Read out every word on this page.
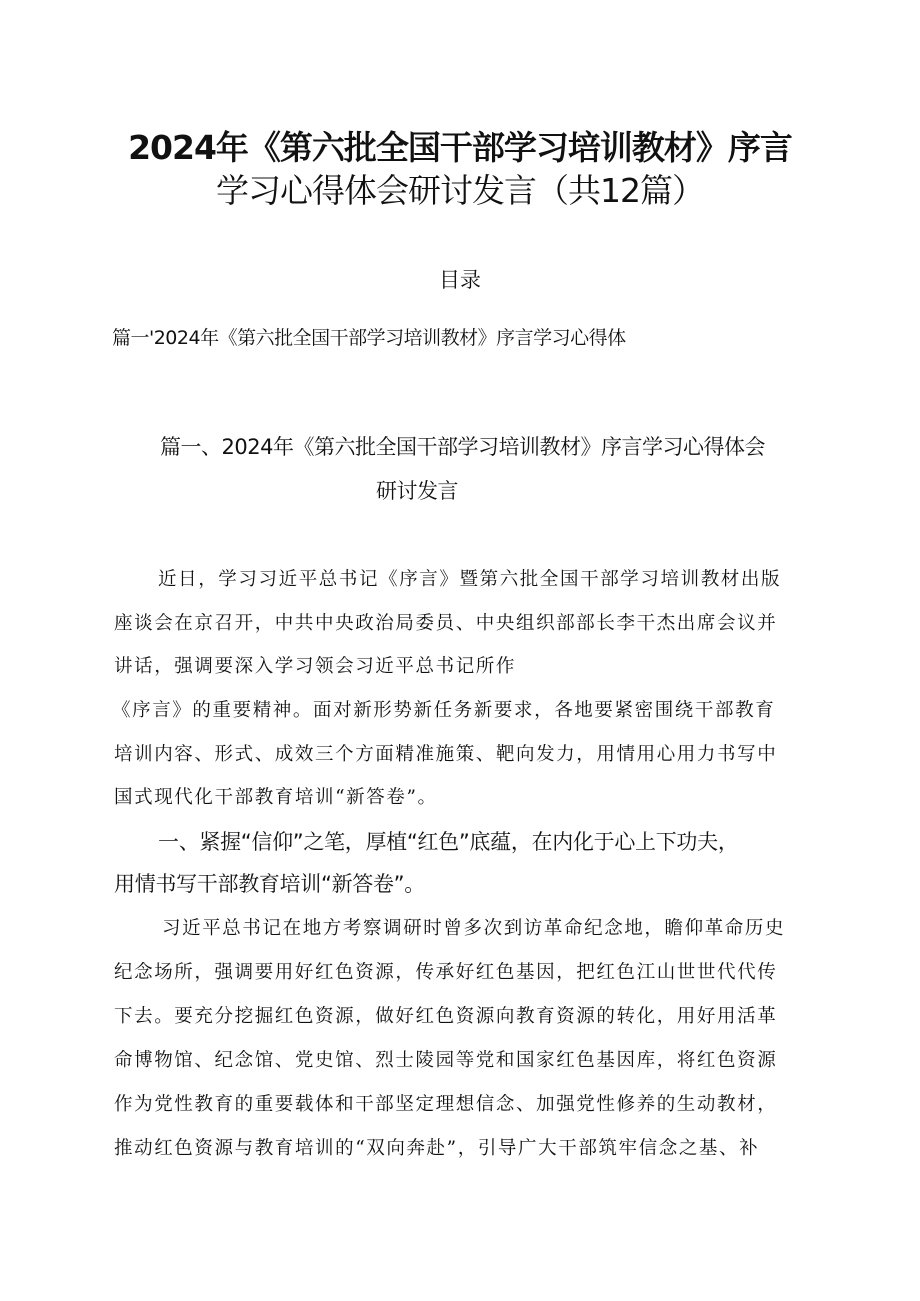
2024年《第六批全国干部学习培训教材》序言
学习心得体会研讨发言（共12篇）
目录
篇一'2024年《第六批全国干部学习培训教材》序言学习心得体
篇一、2024年《第六批全国干部学习培训教材》序言学习心得体会
研讨发言
近日，学习习近平总书记《序言》暨第六批全国干部学习培训教材出版
座谈会在京召开，中共中央政治局委员、中央组织部部长李干杰出席会议并
讲话，强调要深入学习领会习近平总书记所作
《序言》的重要精神。面对新形势新任务新要求，各地要紧密围绕干部教育
培训内容、形式、成效三个方面精准施策、靶向发力，用情用心用力书写中
国式现代化干部教育培训“新答卷”。
一、紧握“信仰”之笔，厚植“红色”底蕴，在内化于心上下功夫，
用情书写干部教育培训“新答卷”。
习近平总书记在地方考察调研时曾多次到访革命纪念地，瞻仰革命历史
纪念场所，强调要用好红色资源，传承好红色基因，把红色江山世世代代传
下去。要充分挖掘红色资源，做好红色资源向教育资源的转化，用好用活革
命博物馆、纪念馆、党史馆、烈士陵园等党和国家红色基因库，将红色资源
作为党性教育的重要载体和干部坚定理想信念、加强党性修养的生动教材，
推动红色资源与教育培训的“双向奔赴”，引导广大干部筑牢信念之基、补
